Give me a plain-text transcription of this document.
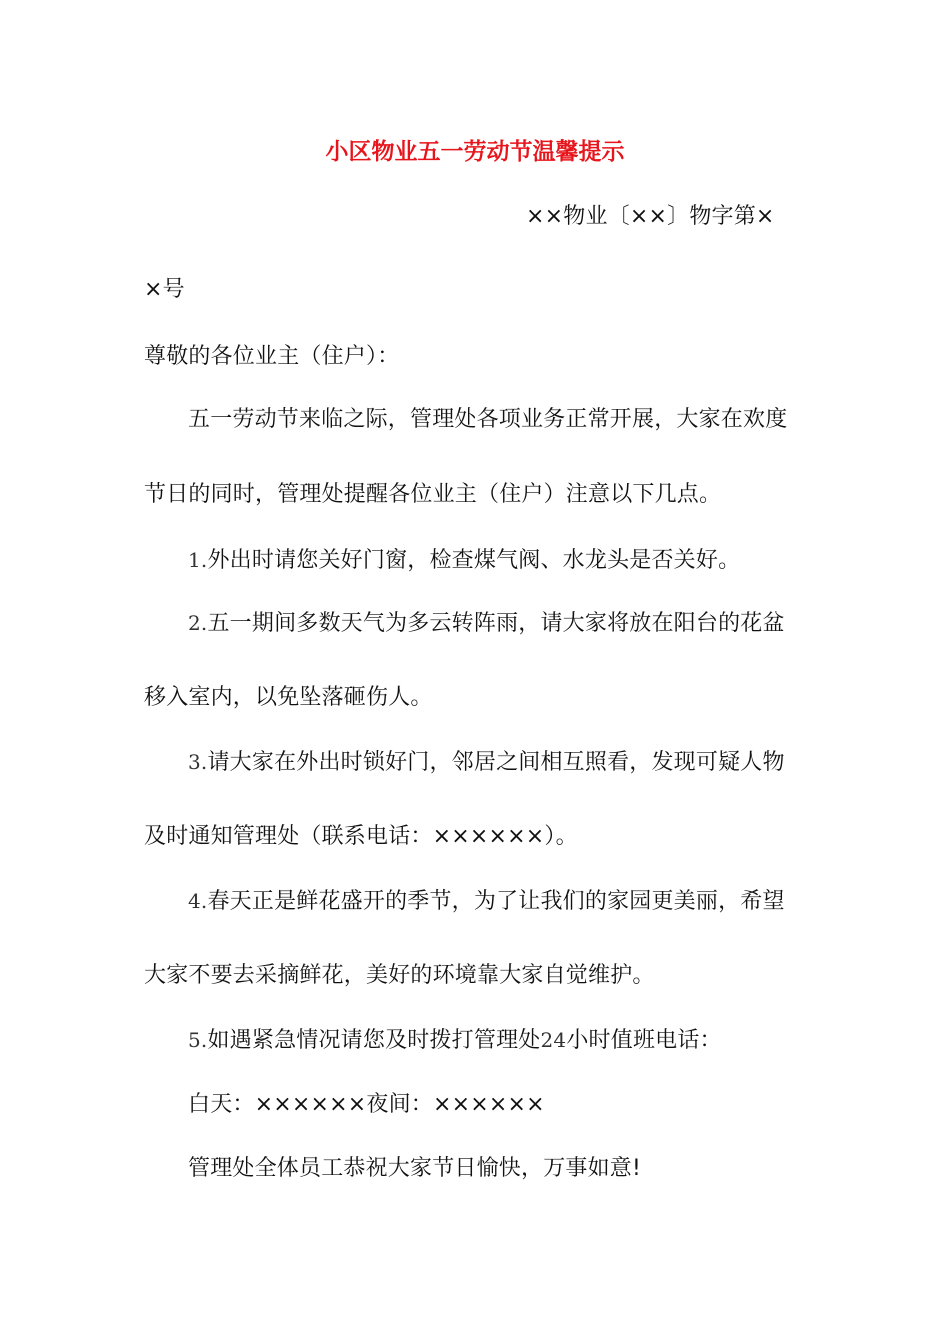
小区物业五一劳动节温馨提示
××物业〔××〕物字第×
×号
尊敬的各位业主（住户）：
五一劳动节来临之际，管理处各项业务正常开展，大家在欢度
节日的同时，管理处提醒各位业主（住户）注意以下几点。
1.外出时请您关好门窗，检查煤气阀、水龙头是否关好。
2.五一期间多数天气为多云转阵雨，请大家将放在阳台的花盆
移入室内，以免坠落砸伤人。
3.请大家在外出时锁好门，邻居之间相互照看，发现可疑人物
及时通知管理处（联系电话：××××××）。
4.春天正是鲜花盛开的季节，为了让我们的家园更美丽，希望
大家不要去采摘鲜花，美好的环境靠大家自觉维护。
5.如遇紧急情况请您及时拨打管理处24小时值班电话：
白天：××××××夜间：××××××
管理处全体员工恭祝大家节日愉快，万事如意!
